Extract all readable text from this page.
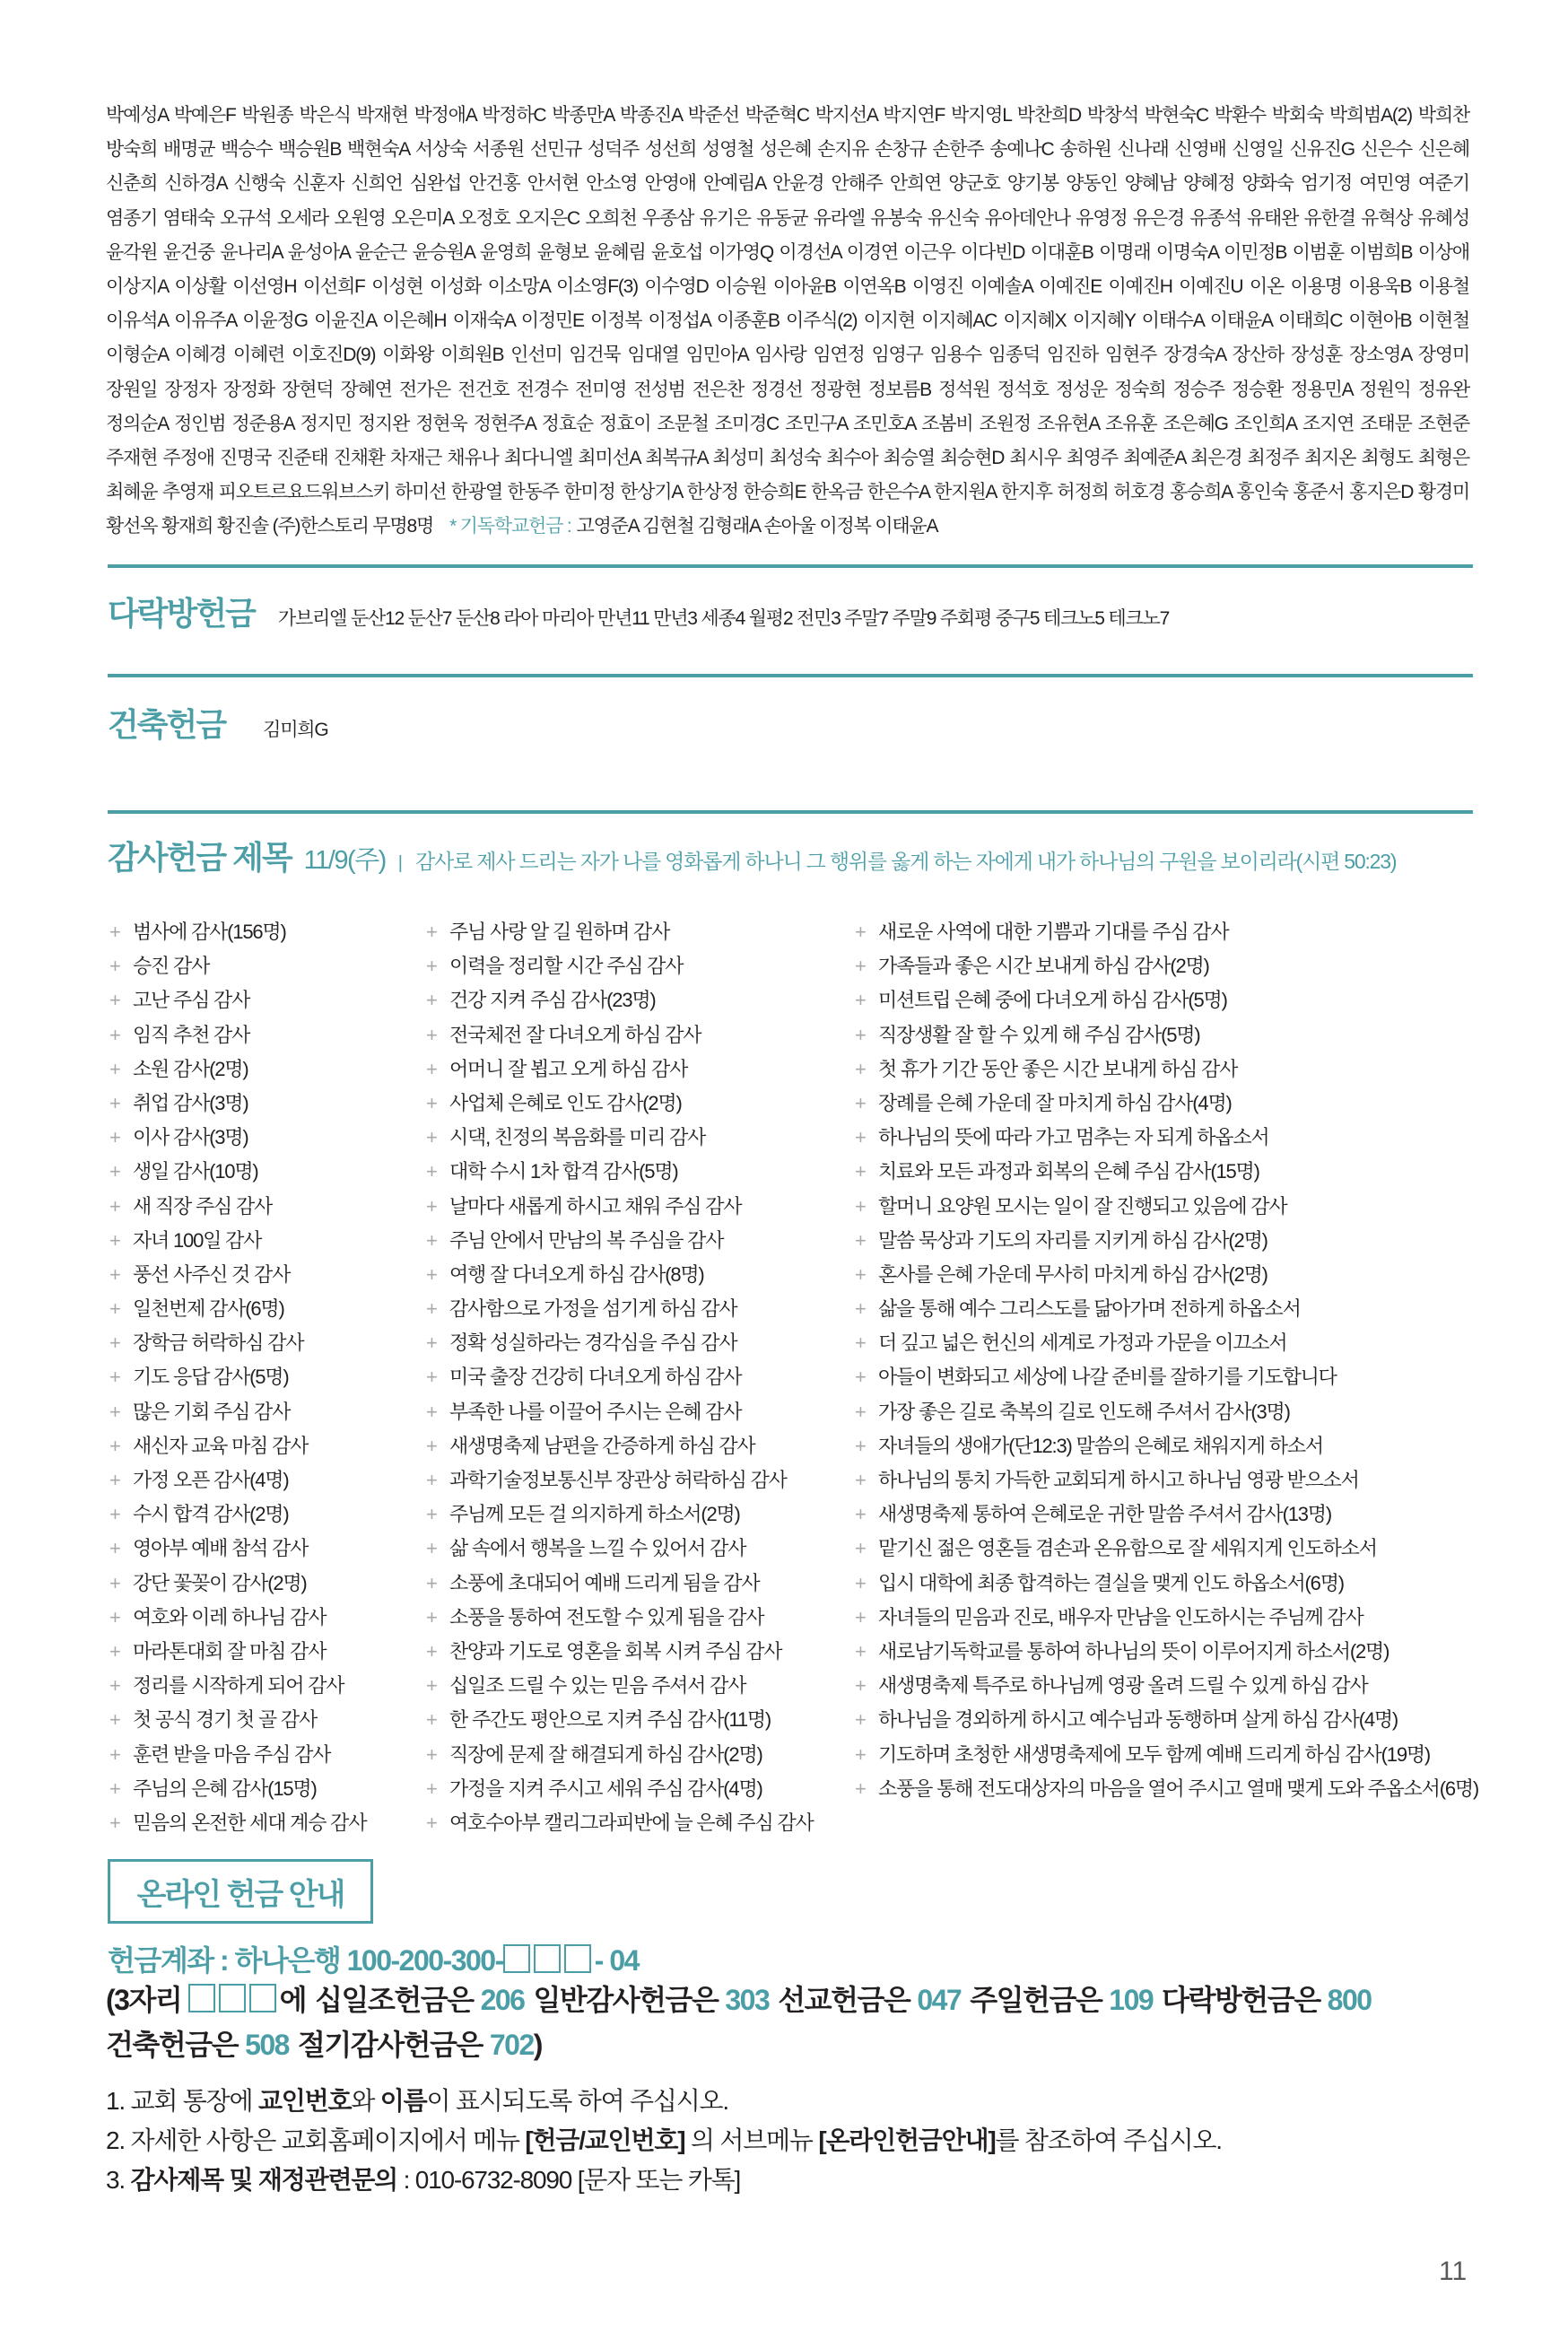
박예성A 박예은F 박원종 박은식 박재현 박정애A 박정하C 박종만A 박종진A 박준선 박준혁C 박지선A 박지연F 박지영L 박찬희D 박창석 박현숙C 박환수 박회숙 박희범A(2) 박희찬
방숙희 배명균 백승수 백승원B 백현숙A 서상숙 서종원 선민규 성덕주 성선희 성영철 성은혜 손지유 손창규 손한주 송예나C 송하원 신나래 신영배 신영일 신유진G 신은수 신은혜
신춘희 신하경A 신행숙 신훈자 신희언 심완섭 안건홍 안서현 안소영 안영애 안예림A 안윤경 안해주 안희연 양군호 양기봉 양동인 양혜남 양혜정 양화숙 엄기정 여민영 여준기
염종기 염태숙 오규석 오세라 오원영 오은미A 오정호 오지은C 오희천 우종삼 유기은 유동균 유라엘 유봉숙 유신숙 유아데안나 유영정 유은경 유종석 유태완 유한결 유혁상 유혜성
윤각원 윤건중 윤나리A 윤성아A 윤순근 윤승원A 윤영희 윤형보 윤혜림 윤호섭 이가영Q 이경선A 이경연 이근우 이다빈D 이대훈B 이명래 이명숙A 이민정B 이범훈 이범희B 이상애
이상지A 이상활 이선영H 이선희F 이성현 이성화 이소망A 이소영F(3) 이수영D 이승원 이아윤B 이연옥B 이영진 이예솔A 이예진E 이예진H 이예진U 이온 이용명 이용욱B 이용철
이유석A 이유주A 이윤정G 이윤진A 이은혜H 이재숙A 이정민E 이정복 이정섭A 이종훈B 이주식(2) 이지현 이지혜AC 이지혜X 이지혜Y 이태수A 이태윤A 이태희C 이현아B 이현철
이형순A 이혜경 이혜련 이호진D(9) 이화왕 이희원B 인선미 임건묵 임대열 임민아A 임사랑 임연정 임영구 임용수 임종덕 임진하 임현주 장경숙A 장산하 장성훈 장소영A 장영미
장원일 장정자 장정화 장현덕 장혜연 전가은 전건호 전경수 전미영 전성범 전은찬 정경선 정광현 정보름B 정석원 정석호 정성운 정숙희 정승주 정승환 정용민A 정원익 정유완
정의순A 정인범 정준용A 정지민 정지완 정현욱 정현주A 정효순 정효이 조문철 조미경C 조민구A 조민호A 조봄비 조원정 조유현A 조유훈 조은혜G 조인희A 조지연 조태문 조현준
주재현 주정애 진명국 진준태 진채환 차재근 채유나 최다니엘 최미선A 최복규A 최성미 최성숙 최수아 최승열 최승현D 최시우 최영주 최예준A 최은경 최정주 최지온 최형도 최형은
최혜윤 추영재 피오트르요드워브스키 하미선 한광열 한동주 한미정 한상기A 한상정 한승희E 한옥금 한은수A 한지원A 한지후 허정희 허호경 홍승희A 홍인숙 홍준서 홍지은D 황경미
황선옥 황재희 황진솔 (주)한스토리 무명8명 * 기독학교헌금 : 고영준A 김현철 김형래A 손아울 이정복 이태윤A
다락방헌금 가브리엘 둔산12 둔산7 둔산8 라아 마리아 만년11 만년3 세종4 월평2 전민3 주말7 주말9 주회평 중구5 테크노5 테크노7
건축헌금 김미희G
감사헌금 제목 11/9(주) | 감사로 제사 드리는 자가 나를 영화롭게 하나니 그 행위를 옳게 하는 자에게 내가 하나님의 구원을 보이리라(시편 50:23)
+ 범사에 감사(156명)
+ 승진 감사
+ 고난 주심 감사
+ 임직 추천 감사
+ 소원 감사(2명)
+ 취업 감사(3명)
+ 이사 감사(3명)
+ 생일 감사(10명)
+ 새 직장 주심 감사
+ 자녀 100일 감사
+ 풍선 사주신 것 감사
+ 일천번제 감사(6명)
+ 장학금 허락하심 감사
+ 기도 응답 감사(5명)
+ 많은 기회 주심 감사
+ 새신자 교육 마침 감사
+ 가정 오픈 감사(4명)
+ 수시 합격 감사(2명)
+ 영아부 예배 참석 감사
+ 강단 꽃꽂이 감사(2명)
+ 여호와 이레 하나님 감사
+ 마라톤대회 잘 마침 감사
+ 정리를 시작하게 되어 감사
+ 첫 공식 경기 첫 골 감사
+ 훈련 받을 마음 주심 감사
+ 주님의 은혜 감사(15명)
+ 믿음의 온전한 세대 계승 감사
+ 주님 사랑 알 길 원하며 감사
+ 이력을 정리할 시간 주심 감사
+ 건강 지켜 주심 감사(23명)
+ 전국체전 잘 다녀오게 하심 감사
+ 어머니 잘 뵙고 오게 하심 감사
+ 사업체 은혜로 인도 감사(2명)
+ 시댁, 친정의 복음화를 미리 감사
+ 대학 수시 1차 합격 감사(5명)
+ 날마다 새롭게 하시고 채워 주심 감사
+ 주님 안에서 만남의 복 주심을 감사
+ 여행 잘 다녀오게 하심 감사(8명)
+ 감사함으로 가정을 섬기게 하심 감사
+ 정확 성실하라는 경각심을 주심 감사
+ 미국 출장 건강히 다녀오게 하심 감사
+ 부족한 나를 이끌어 주시는 은혜 감사
+ 새생명축제 남편을 간증하게 하심 감사
+ 과학기술정보통신부 장관상 허락하심 감사
+ 주님께 모든 걸 의지하게 하소서(2명)
+ 삶 속에서 행복을 느낄 수 있어서 감사
+ 소풍에 초대되어 예배 드리게 됨을 감사
+ 소풍을 통하여 전도할 수 있게 됨을 감사
+ 찬양과 기도로 영혼을 회복 시켜 주심 감사
+ 십일조 드릴 수 있는 믿음 주셔서 감사
+ 한 주간도 평안으로 지켜 주심 감사(11명)
+ 직장에 문제 잘 해결되게 하심 감사(2명)
+ 가정을 지켜 주시고 세워 주심 감사(4명)
+ 여호수아부 캘리그라피반에 늘 은혜 주심 감사
+ 새로운 사역에 대한 기쁨과 기대를 주심 감사
+ 가족들과 좋은 시간 보내게 하심 감사(2명)
+ 미션트립 은혜 중에 다녀오게 하심 감사(5명)
+ 직장생활 잘 할 수 있게 해 주심 감사(5명)
+ 첫 휴가 기간 동안 좋은 시간 보내게 하심 감사
+ 장례를 은혜 가운데 잘 마치게 하심 감사(4명)
+ 하나님의 뜻에 따라 가고 멈추는 자 되게 하옵소서
+ 치료와 모든 과정과 회복의 은혜 주심 감사(15명)
+ 할머니 요양원 모시는 일이 잘 진행되고 있음에 감사
+ 말씀 묵상과 기도의 자리를 지키게 하심 감사(2명)
+ 혼사를 은혜 가운데 무사히 마치게 하심 감사(2명)
+ 삶을 통해 예수 그리스도를 닮아가며 전하게 하옵소서
+ 더 깊고 넓은 헌신의 세계로 가정과 가문을 이끄소서
+ 아들이 변화되고 세상에 나갈 준비를 잘하기를 기도합니다
+ 가장 좋은 길로 축복의 길로 인도해 주셔서 감사(3명)
+ 자녀들의 생애가(단12:3) 말씀의 은혜로 채워지게 하소서
+ 하나님의 통치 가득한 교회되게 하시고 하나님 영광 받으소서
+ 새생명축제 통하여 은혜로운 귀한 말씀 주셔서 감사(13명)
+ 맡기신 젊은 영혼들 겸손과 온유함으로 잘 세워지게 인도하소서
+ 입시 대학에 최종 합격하는 결실을 맺게 인도 하옵소서(6명)
+ 자녀들의 믿음과 진로, 배우자 만남을 인도하시는 주님께 감사
+ 새로남기독학교를 통하여 하나님의 뜻이 이루어지게 하소서(2명)
+ 새생명축제 특주로 하나님께 영광 올려 드릴 수 있게 하심 감사
+ 하나님을 경외하게 하시고 예수님과 동행하며 살게 하심 감사(4명)
+ 기도하며 초청한 새생명축제에 모두 함께 예배 드리게 하심 감사(19명)
+ 소풍을 통해 전도대상자의 마음을 열어 주시고 열매 맺게 도와 주옵소서(6명)
온라인 헌금 안내
헌금계좌 : 하나은행 100-200-300-	- 04
(3자리	에 십일조헌금은 206 일반감사헌금은 303 선교헌금은 047 주일헌금은 109 다락방헌금은 800
건축헌금은 508 절기감사헌금은 702)
1. 교회 통장에 교인번호와 이름이 표시되도록 하여 주십시오.
2. 자세한 사항은 교회홈페이지에서 메뉴 [헌금/교인번호] 의 서브메뉴 [온라인헌금안내]를 참조하여 주십시오.
3. 감사제목 및 재정관련문의 : 010-6732-8090 [문자 또는 카톡]
11
